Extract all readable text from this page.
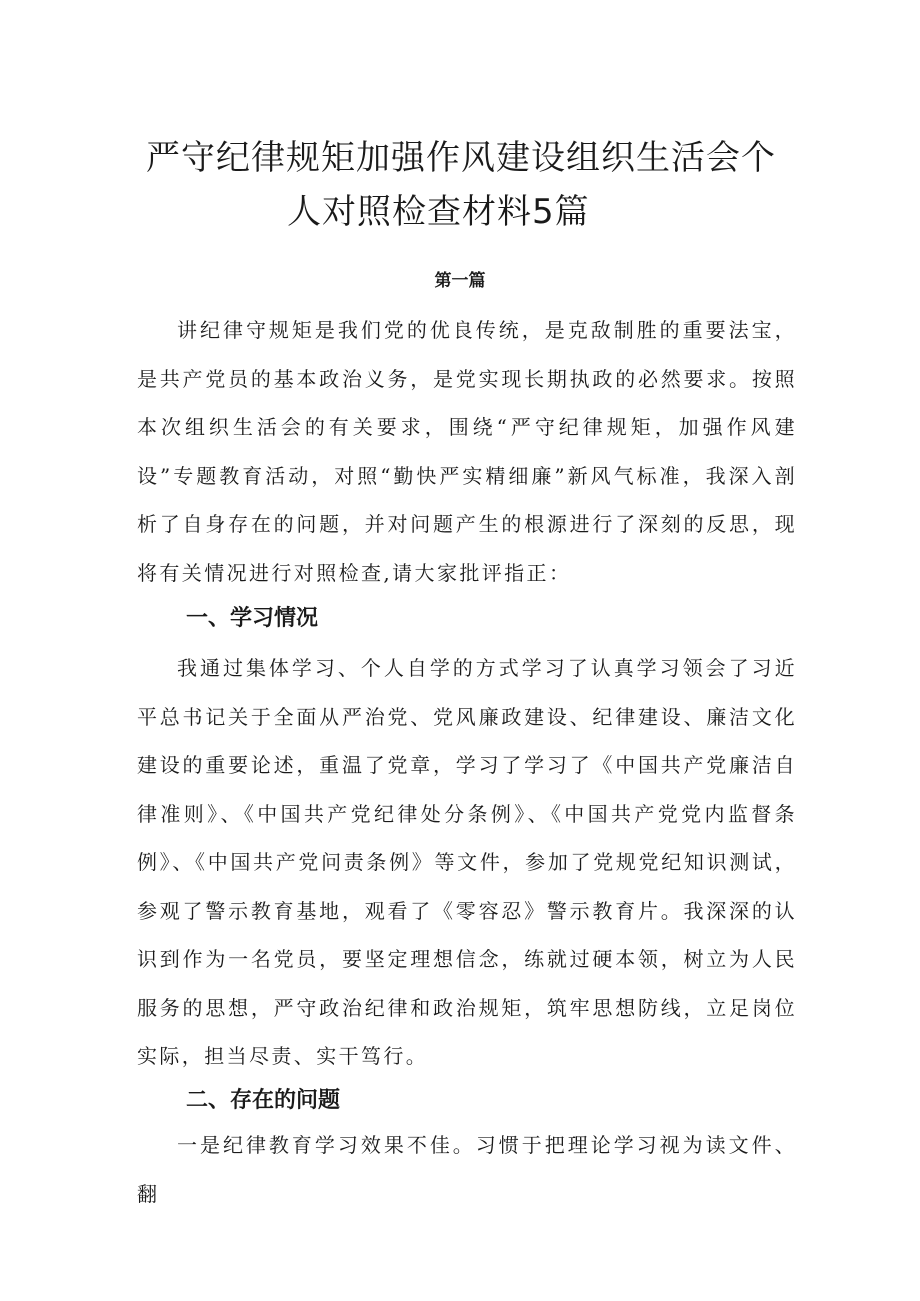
严守纪律规矩加强作风建设组织生活会个
人对照检查材料5篇
第一篇

讲纪律守规矩是我们党的优良传统，是克敌制胜的重要法宝，是共产党员的基本政治义务，是党实现长期执政的必然要求。按照本次组织生活会的有关要求，围绕“严守纪律规矩，加强作风建设”专题教育活动，对照“勤快严实精细廉”新风气标准，我深入剖析了自身存在的问题，并对问题产生的根源进行了深刻的反思，现将有关情况进行对照检查,请大家批评指正：

一、学习情况

我通过集体学习、个人自学的方式学习了认真学习领会了习近平总书记关于全面从严治党、党风廉政建设、纪律建设、廉洁文化建设的重要论述，重温了党章，学习了学习了《中国共产党廉洁自律准则》、《中国共产党纪律处分条例》、《中国共产党党内监督条例》、《中国共产党问责条例》等文件，参加了党规党纪知识测试，参观了警示教育基地，观看了《零容忍》警示教育片。我深深的认识到作为一名党员，要坚定理想信念，练就过硬本领，树立为人民服务的思想，严守政治纪律和政治规矩，筑牢思想防线，立足岗位实际，担当尽责、实干笃行。

二、存在的问题

一是纪律教育学习效果不佳。习惯于把理论学习视为读文件、翻
